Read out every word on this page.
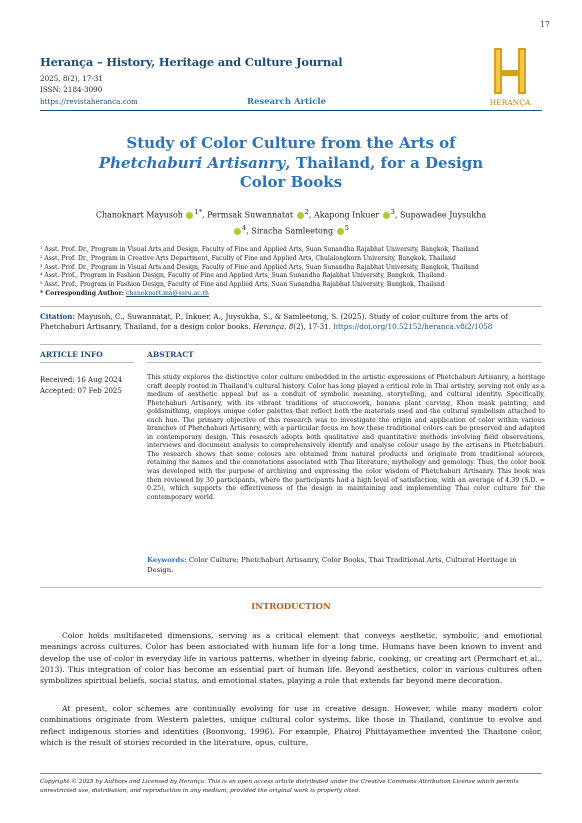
17
Herança – History, Heritage and Culture Journal
2025, 8(2), 17-31
ISSN: 2184-3090
https://revistaheranca.com	Research Article	HERANÇA
Study of Color Culture from the Arts of
Phetchaburi Artisanry, Thailand, for a Design
Color Books
Chanoknart Mayusoh $^{1*}$, Permsak Suwannatat $^2$, Akapong Inkuer $^3$, Supawadee Juysukha
$^4$, Siracha Samleetong $^5$
¹ Asst. Prof. Dr., Program in Visual Arts and Design, Faculty of Fine and Applied Arts, Suan Sunandha Rajabhat University, Bangkok, Thailand
² Asst. Prof. Dr., Program in Creative Arts Department, Faculty of Fine and Applied Arts, Chulalongkorn University, Bangkok, Thailand
³ Asst. Prof. Dr., Program in Visual Arts and Design, Faculty of Fine and Applied Arts, Suan Sunandha Rajabhat University, Bangkok, Thailand
⁴ Asst. Prof., Program in Fashion Design, Faculty of Fine and Applied Arts, Suan Sunandha Rajabhat University, Bangkok, Thailand
⁵ Asst. Prof., Program in Fashion Design, Faculty of Fine and Applied Arts, Suan Sunandha Rajabhat University, Bangkok, Thailand
* Corresponding Author: chanoknart.ma@ssru.ac.th
Citation: Mayusoh, C., Suwannatat, P., Inkuer, A., Juysukha, S., & Samleetong, S. (2025). Study of color culture from the arts of Phetchaburi Artisanry, Thailand, for a design color books. Herança, 8(2), 17-31. https://doi.org/10.52152/heranca.v8i2/1058
ARTICLE INFO	ABSTRACT
Received: 16 Aug 2024
Accepted: 07 Feb 2025
This study explores the distinctive color culture embedded in the artistic expressions of Phetchaburi Artisanry, a heritage craft deeply rooted in Thailand's cultural history. Color has long played a critical role in Thai artistry, serving not only as a medium of aesthetic appeal but as a conduit of symbolic meaning, storytelling, and cultural identity. Specifically, Phetchaburi Artisanry, with its vibrant traditions of stuccowork, banana plant carving, Khon mask painting, and goldsmithing, employs unique color palettes that reflect both the materials used and the cultural symbolism attached to each hue. The primary objective of this research was to investigate the origin and application of color within various branches of Phetchaburi Artisanry, with a particular focus on how these traditional colors can be preserved and adapted in contemporary design. This research adopts both qualitative and quantitative methods involving field observations, interviews and document analysis to comprehensively identify and analyse colour usage by the artisans in Phetchaburi. The research shows that some colours are obtained from natural products and originate from traditional sources, retaining the names and the connotations associated with Thai literature, mythology and gemology. Thus, the color book was developed with the purpose of archiving and expressing the color wisdom of Phetchaburi Artisanry. This book was then reviewed by 30 participants, where the participants had a high level of satisfaction, with an average of 4.39 (S.D. = 0.25), which supports the effectiveness of the design in maintaining and implementing Thai color culture for the contemporary world.
Keywords: Color Culture; Phetchaburi Artisanry, Color Books, Thai Traditional Arts, Cultural Heritage in Design.
INTRODUCTION
Color holds multifaceted dimensions, serving as a critical element that conveys aesthetic, symbolic, and emotional meanings across cultures. Color has been associated with human life for a long time. Humans have been known to invent and develop the use of color in everyday life in various patterns, whether in dyeing fabric, cooking, or creating art (Permchart et al., 2013). This integration of color has become an essential part of human life. Beyond aesthetics, color in various cultures often symbolizes spiritual beliefs, social status, and emotional states, playing a role that extends far beyond mere decoration.
At present, color schemes are continually evolving for use in creative design. However, while many modern color combinations originate from Western palettes, unique cultural color systems, like those in Thailand, continue to evolve and reflect indigenous stories and identities (Boonvong, 1996). For example, Phairoj Phittayamethee invented the Thaitone color, which is the result of stories recorded in the literature, opus, culture,
Copyright © 2025 by Authors and Licensed by Herança. This is an open access article distributed under the Creative Commons Attribution License which permits unrestricted use, distribution, and reproduction in any medium, provided the original work is properly cited.
